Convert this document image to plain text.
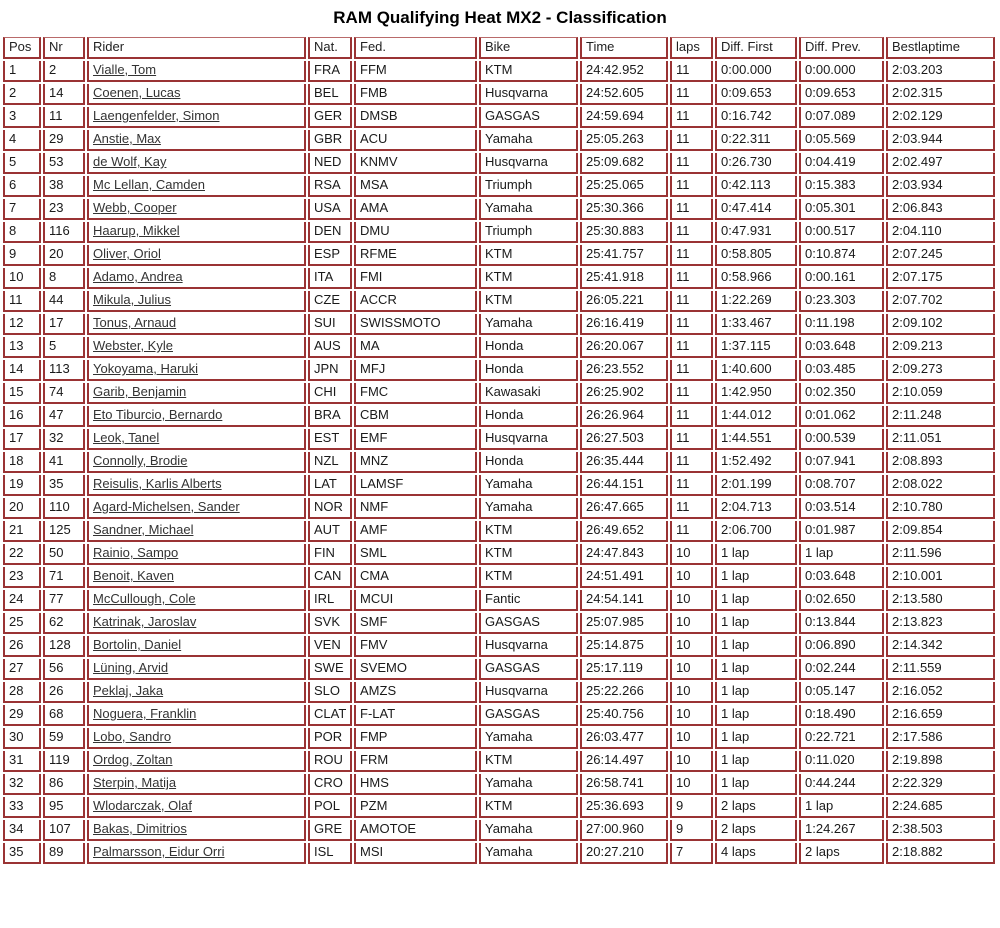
RAM Qualifying Heat MX2 - Classification
Pos	Nr	Rider	Nat.	Fed.	Bike	Time	laps	Diff. First	Diff. Prev.	Bestlaptime
1	2	Vialle, Tom	FRA	FFM	KTM	24:42.952	11	0:00.000	0:00.000	2:03.203
2	14	Coenen, Lucas	BEL	FMB	Husqvarna	24:52.605	11	0:09.653	0:09.653	2:02.315
3	11	Laengenfelder, Simon	GER	DMSB	GASGAS	24:59.694	11	0:16.742	0:07.089	2:02.129
4	29	Anstie, Max	GBR	ACU	Yamaha	25:05.263	11	0:22.311	0:05.569	2:03.944
5	53	de Wolf, Kay	NED	KNMV	Husqvarna	25:09.682	11	0:26.730	0:04.419	2:02.497
6	38	Mc Lellan, Camden	RSA	MSA	Triumph	25:25.065	11	0:42.113	0:15.383	2:03.934
7	23	Webb, Cooper	USA	AMA	Yamaha	25:30.366	11	0:47.414	0:05.301	2:06.843
8	116	Haarup, Mikkel	DEN	DMU	Triumph	25:30.883	11	0:47.931	0:00.517	2:04.110
9	20	Oliver, Oriol	ESP	RFME	KTM	25:41.757	11	0:58.805	0:10.874	2:07.245
10	8	Adamo, Andrea	ITA	FMI	KTM	25:41.918	11	0:58.966	0:00.161	2:07.175
11	44	Mikula, Julius	CZE	ACCR	KTM	26:05.221	11	1:22.269	0:23.303	2:07.702
12	17	Tonus, Arnaud	SUI	SWISSMOTO	Yamaha	26:16.419	11	1:33.467	0:11.198	2:09.102
13	5	Webster, Kyle	AUS	MA	Honda	26:20.067	11	1:37.115	0:03.648	2:09.213
14	113	Yokoyama, Haruki	JPN	MFJ	Honda	26:23.552	11	1:40.600	0:03.485	2:09.273
15	74	Garib, Benjamin	CHI	FMC	Kawasaki	26:25.902	11	1:42.950	0:02.350	2:10.059
16	47	Eto Tiburcio, Bernardo	BRA	CBM	Honda	26:26.964	11	1:44.012	0:01.062	2:11.248
17	32	Leok, Tanel	EST	EMF	Husqvarna	26:27.503	11	1:44.551	0:00.539	2:11.051
18	41	Connolly, Brodie	NZL	MNZ	Honda	26:35.444	11	1:52.492	0:07.941	2:08.893
19	35	Reisulis, Karlis Alberts	LAT	LAMSF	Yamaha	26:44.151	11	2:01.199	0:08.707	2:08.022
20	110	Agard-Michelsen, Sander	NOR	NMF	Yamaha	26:47.665	11	2:04.713	0:03.514	2:10.780
21	125	Sandner, Michael	AUT	AMF	KTM	26:49.652	11	2:06.700	0:01.987	2:09.854
22	50	Rainio, Sampo	FIN	SML	KTM	24:47.843	10	1 lap	1 lap	2:11.596
23	71	Benoit, Kaven	CAN	CMA	KTM	24:51.491	10	1 lap	0:03.648	2:10.001
24	77	McCullough, Cole	IRL	MCUI	Fantic	24:54.141	10	1 lap	0:02.650	2:13.580
25	62	Katrinak, Jaroslav	SVK	SMF	GASGAS	25:07.985	10	1 lap	0:13.844	2:13.823
26	128	Bortolin, Daniel	VEN	FMV	Husqvarna	25:14.875	10	1 lap	0:06.890	2:14.342
27	56	Lüning, Arvid	SWE	SVEMO	GASGAS	25:17.119	10	1 lap	0:02.244	2:11.559
28	26	Peklaj, Jaka	SLO	AMZS	Husqvarna	25:22.266	10	1 lap	0:05.147	2:16.052
29	68	Noguera, Franklin	CLAT	F-LAT	GASGAS	25:40.756	10	1 lap	0:18.490	2:16.659
30	59	Lobo, Sandro	POR	FMP	Yamaha	26:03.477	10	1 lap	0:22.721	2:17.586
31	119	Ordog, Zoltan	ROU	FRM	KTM	26:14.497	10	1 lap	0:11.020	2:19.898
32	86	Sterpin, Matija	CRO	HMS	Yamaha	26:58.741	10	1 lap	0:44.244	2:22.329
33	95	Wlodarczak, Olaf	POL	PZM	KTM	25:36.693	9	2 laps	1 lap	2:24.685
34	107	Bakas, Dimitrios	GRE	AMOTOE	Yamaha	27:00.960	9	2 laps	1:24.267	2:38.503
35	89	Palmarsson, Eidur Orri	ISL	MSI	Yamaha	20:27.210	7	4 laps	2 laps	2:18.882
